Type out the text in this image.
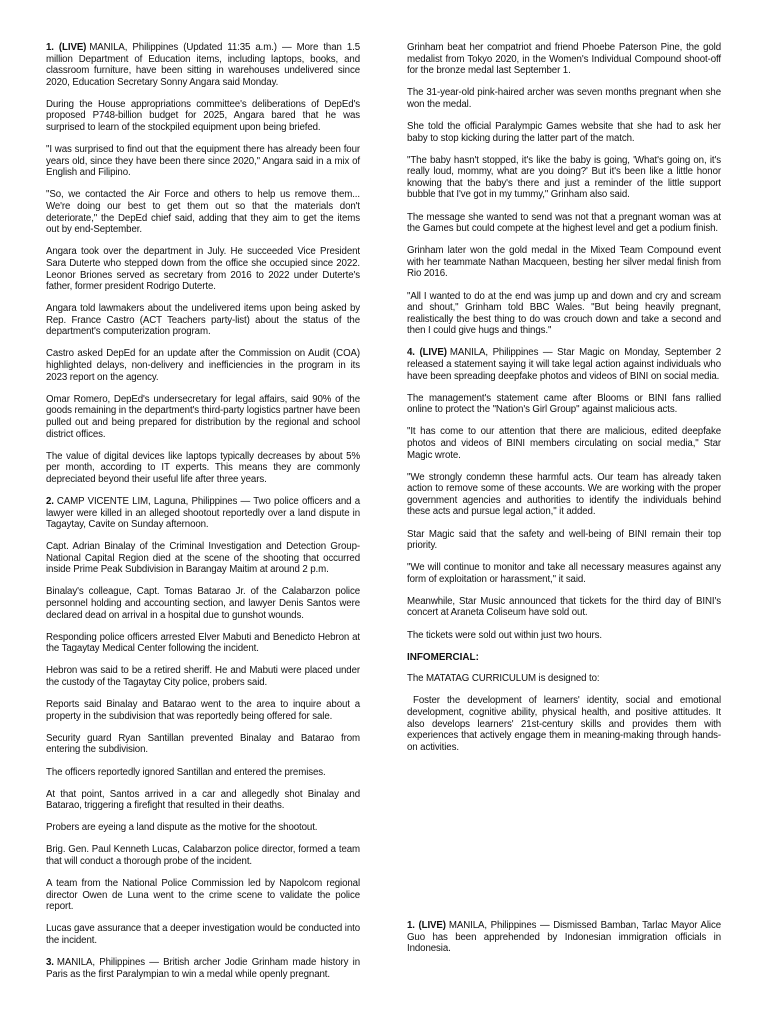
1. (LIVE) MANILA, Philippines (Updated 11:35 a.m.) — More than 1.5 million Department of Education items, including laptops, books, and classroom furniture, have been sitting in warehouses undelivered since 2020, Education Secretary Sonny Angara said Monday.

During the House appropriations committee's deliberations of DepEd's proposed P748-billion budget for 2025, Angara bared that he was surprised to learn of the stockpiled equipment upon being briefed.

"I was surprised to find out that the equipment there has already been four years old, since they have been there since 2020," Angara said in a mix of English and Filipino.

"So, we contacted the Air Force and others to help us remove them... We're doing our best to get them out so that the materials don't deteriorate," the DepEd chief said, adding that they aim to get the items out by end-September.

Angara took over the department in July. He succeeded Vice President Sara Duterte who stepped down from the office she occupied since 2022. Leonor Briones served as secretary from 2016 to 2022 under Duterte's father, former president Rodrigo Duterte.

Angara told lawmakers about the undelivered items upon being asked by Rep. France Castro (ACT Teachers party-list) about the status of the department's computerization program.

Castro asked DepEd for an update after the Commission on Audit (COA) highlighted delays, non-delivery and inefficiencies in the program in its 2023 report on the agency.

Omar Romero, DepEd's undersecretary for legal affairs, said 90% of the goods remaining in the department's third-party logistics partner have been pulled out and being prepared for distribution by the regional and school district offices.

The value of digital devices like laptops typically decreases by about 5% per month, according to IT experts. This means they are commonly depreciated beyond their useful life after three years.

2. CAMP VICENTE LIM, Laguna, Philippines — Two police officers and a lawyer were killed in an alleged shootout reportedly over a land dispute in Tagaytay, Cavite on Sunday afternoon.

Capt. Adrian Binalay of the Criminal Investigation and Detection Group-National Capital Region died at the scene of the shooting that occurred inside Prime Peak Subdivision in Barangay Maitim at around 2 p.m.

Binalay's colleague, Capt. Tomas Batarao Jr. of the Calabarzon police personnel holding and accounting section, and lawyer Denis Santos were declared dead on arrival in a hospital due to gunshot wounds.

Responding police officers arrested Elver Mabuti and Benedicto Hebron at the Tagaytay Medical Center following the incident.

Hebron was said to be a retired sheriff. He and Mabuti were placed under the custody of the Tagaytay City police, probers said.

Reports said Binalay and Batarao went to the area to inquire about a property in the subdivision that was reportedly being offered for sale.

Security guard Ryan Santillan prevented Binalay and Batarao from entering the subdivision.

The officers reportedly ignored Santillan and entered the premises.

At that point, Santos arrived in a car and allegedly shot Binalay and Batarao, triggering a firefight that resulted in their deaths.

Probers are eyeing a land dispute as the motive for the shootout.

Brig. Gen. Paul Kenneth Lucas, Calabarzon police director, formed a team that will conduct a thorough probe of the incident.

A team from the National Police Commission led by Napolcom regional director Owen de Luna went to the crime scene to validate the police report.

Lucas gave assurance that a deeper investigation would be conducted into the incident.

3. MANILA, Philippines — British archer Jodie Grinham made history in Paris as the first Paralympian to win a medal while openly pregnant.

Grinham beat her compatriot and friend Phoebe Paterson Pine, the gold medalist from Tokyo 2020, in the Women's Individual Compound shoot-off for the bronze medal last September 1.

The 31-year-old pink-haired archer was seven months pregnant when she won the medal.

She told the official Paralympic Games website that she had to ask her baby to stop kicking during the latter part of the match.

"The baby hasn't stopped, it's like the baby is going, 'What's going on, it's really loud, mommy, what are you doing?' But it's been like a little honor knowing that the baby's there and just a reminder of the little support bubble that I've got in my tummy," Grinham also said.

The message she wanted to send was not that a pregnant woman was at the Games but could compete at the highest level and get a podium finish.

Grinham later won the gold medal in the Mixed Team Compound event with her teammate Nathan Macqueen, besting her silver medal finish from Rio 2016.

"All I wanted to do at the end was jump up and down and cry and scream and shout," Grinham told BBC Wales. "But being heavily pregnant, realistically the best thing to do was crouch down and take a second and then I could give hugs and things."

4. (LIVE) MANILA, Philippines — Star Magic on Monday, September 2 released a statement saying it will take legal action against individuals who have been spreading deepfake photos and videos of BINI on social media.

The management's statement came after Blooms or BINI fans rallied online to protect the "Nation's Girl Group" against malicious acts.

"It has come to our attention that there are malicious, edited deepfake photos and videos of BINI members circulating on social media," Star Magic wrote.

"We strongly condemn these harmful acts. Our team has already taken action to remove some of these accounts. We are working with the proper government agencies and authorities to identify the individuals behind these acts and pursue legal action," it added.

Star Magic said that the safety and well-being of BINI remain their top priority.

"We will continue to monitor and take all necessary measures against any form of exploitation or harassment," it said.

Meanwhile, Star Music announced that tickets for the third day of BINI's concert at Araneta Coliseum have sold out.

The tickets were sold out within just two hours.

INFOMERCIAL:

The MATATAG CURRICULUM is designed to:

Foster the development of learners' identity, social and emotional development, cognitive ability, physical health, and positive attitudes. It also develops learners' 21st-century skills and provides them with experiences that actively engage them in meaning-making through hands-on activities.

1. (LIVE) MANILA, Philippines — Dismissed Bamban, Tarlac Mayor Alice Guo has been apprehended by Indonesian immigration officials in Indonesia.
